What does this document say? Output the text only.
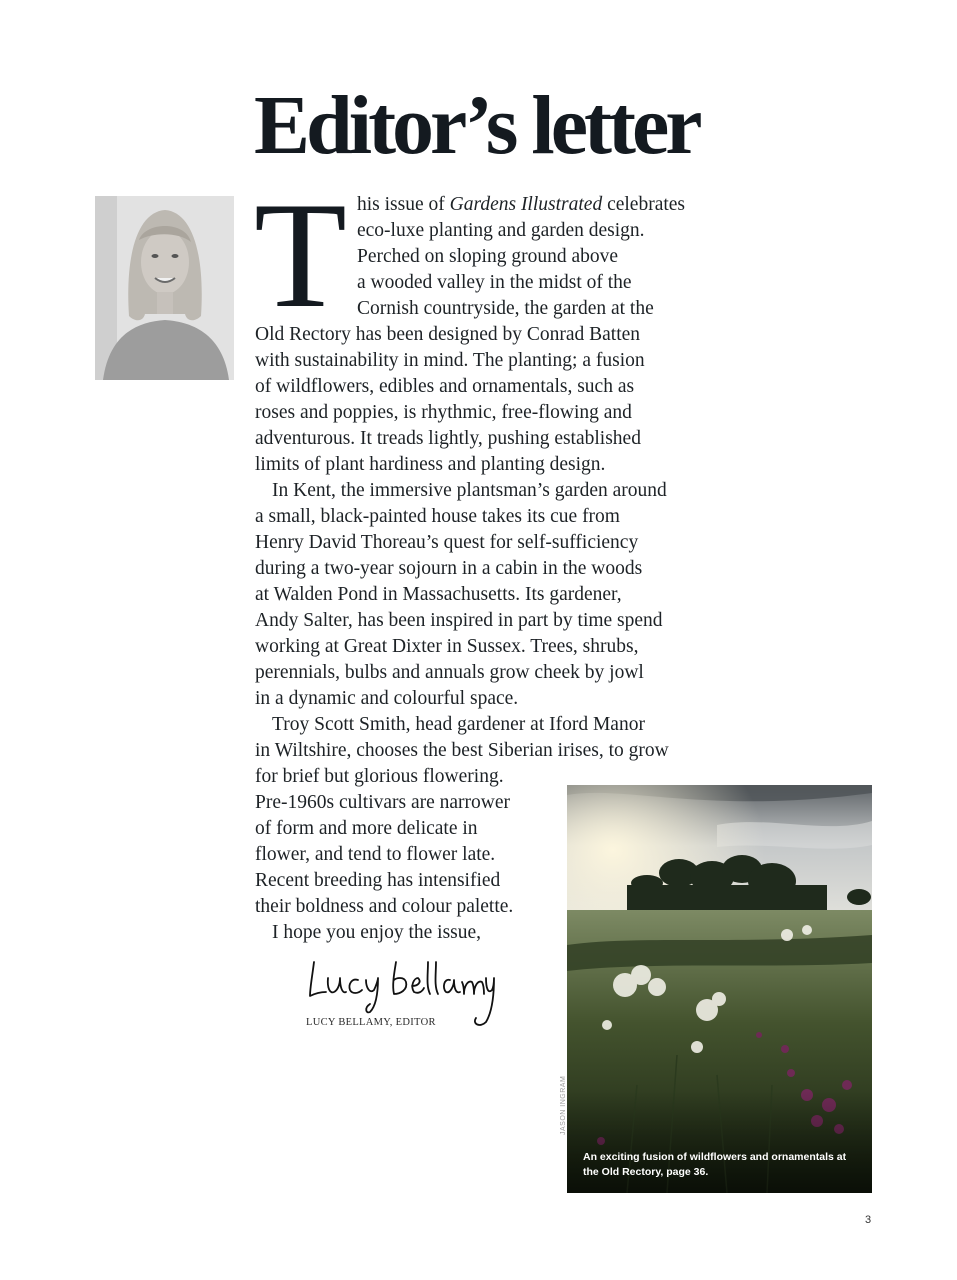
Editor’s letter
T his issue of Gardens Illustrated celebrates
eco-luxe planting and garden design.
Perched on sloping ground above
a wooded valley in the midst of the
Cornish countryside, the garden at the
Old Rectory has been designed by Conrad Batten
with sustainability in mind. The planting; a fusion
of wildflowers, edibles and ornamentals, such as
roses and poppies, is rhythmic, free-flowing and
adventurous. It treads lightly, pushing established
limits of plant hardiness and planting design.
In Kent, the immersive plantsman’s garden around
a small, black-painted house takes its cue from
Henry David Thoreau’s quest for self-sufficiency
during a two-year sojourn in a cabin in the woods
at Walden Pond in Massachusetts. Its gardener,
Andy Salter, has been inspired in part by time spend
working at Great Dixter in Sussex. Trees, shrubs,
perennials, bulbs and annuals grow cheek by jowl
in a dynamic and colourful space.
Troy Scott Smith, head gardener at Iford Manor
in Wiltshire, chooses the best Siberian irises, to grow
for brief but glorious flowering.
Pre-1960s cultivars are narrower
of form and more delicate in
flower, and tend to flower late.
Recent breeding has intensified
their boldness and colour palette.
I hope you enjoy the issue,
LUCY BELLAMY, EDITOR
An exciting fusion of wildflowers and ornamentals at the Old Rectory, page 36.
JASON INGRAM
3
